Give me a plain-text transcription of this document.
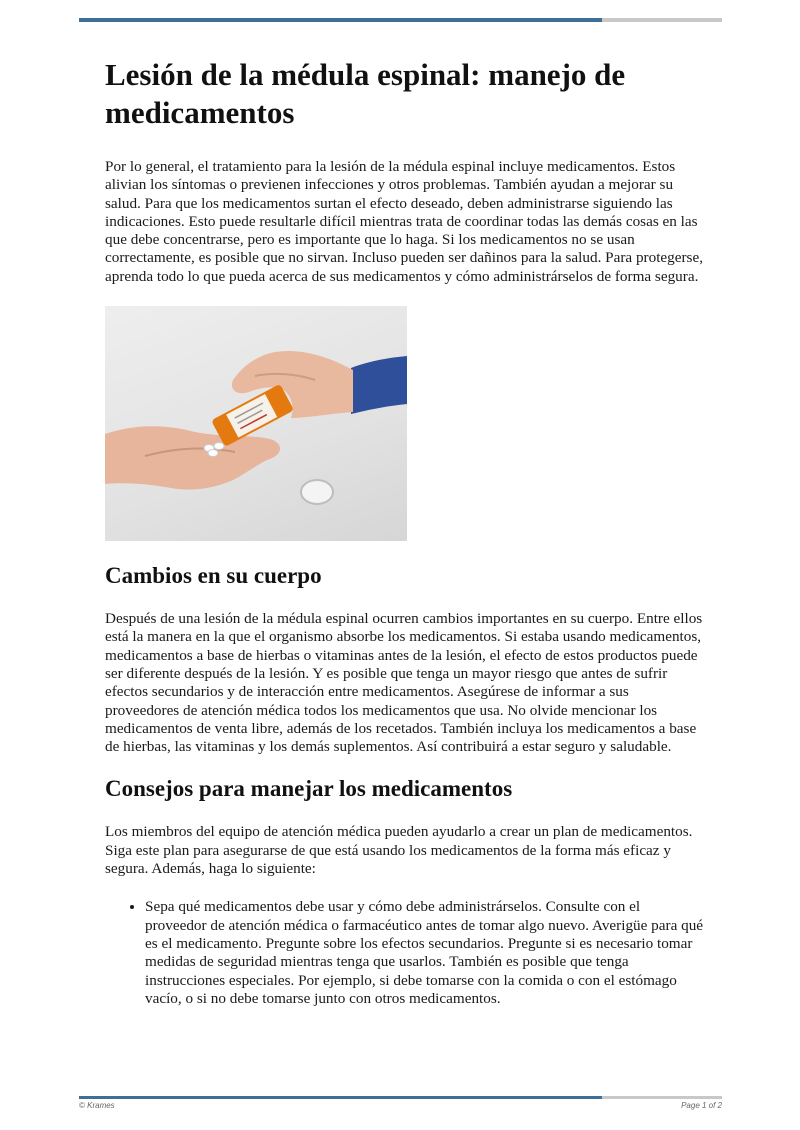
Lesión de la médula espinal: manejo de medicamentos

Por lo general, el tratamiento para la lesión de la médula espinal incluye medicamentos. Estos alivian los síntomas o previenen infecciones y otros problemas. También ayudan a mejorar su salud. Para que los medicamentos surtan el efecto deseado, deben administrarse siguiendo las indicaciones. Esto puede resultarle difícil mientras trata de coordinar todas las demás cosas en las que debe concentrarse, pero es importante que lo haga. Si los medicamentos no se usan correctamente, es posible que no sirvan. Incluso pueden ser dañinos para la salud. Para protegerse, aprenda todo lo que pueda acerca de sus medicamentos y cómo administrárselos de forma segura.

Cambios en su cuerpo

Después de una lesión de la médula espinal ocurren cambios importantes en su cuerpo. Entre ellos está la manera en la que el organismo absorbe los medicamentos. Si estaba usando medicamentos, medicamentos a base de hierbas o vitaminas antes de la lesión, el efecto de estos productos puede ser diferente después de la lesión. Y es posible que tenga un mayor riesgo que antes de sufrir efectos secundarios y de interacción entre medicamentos. Asegúrese de informar a sus proveedores de atención médica todos los medicamentos que usa. No olvide mencionar los medicamentos de venta libre, además de los recetados. También incluya los medicamentos a base de hierbas, las vitaminas y los demás suplementos. Así contribuirá a estar seguro y saludable.

Consejos para manejar los medicamentos

Los miembros del equipo de atención médica pueden ayudarlo a crear un plan de medicamentos. Siga este plan para asegurarse de que está usando los medicamentos de la forma más eficaz y segura. Además, haga lo siguiente:

• Sepa qué medicamentos debe usar y cómo debe administrárselos. Consulte con el proveedor de atención médica o farmacéutico antes de tomar algo nuevo. Averigüe para qué es el medicamento. Pregunte sobre los efectos secundarios. Pregunte si es necesario tomar medidas de seguridad mientras tenga que usarlos. También es posible que tenga instrucciones especiales. Por ejemplo, si debe tomarse con la comida o con el estómago vacío, o si no debe tomarse junto con otros medicamentos.
© Krames	Page 1 of 2
